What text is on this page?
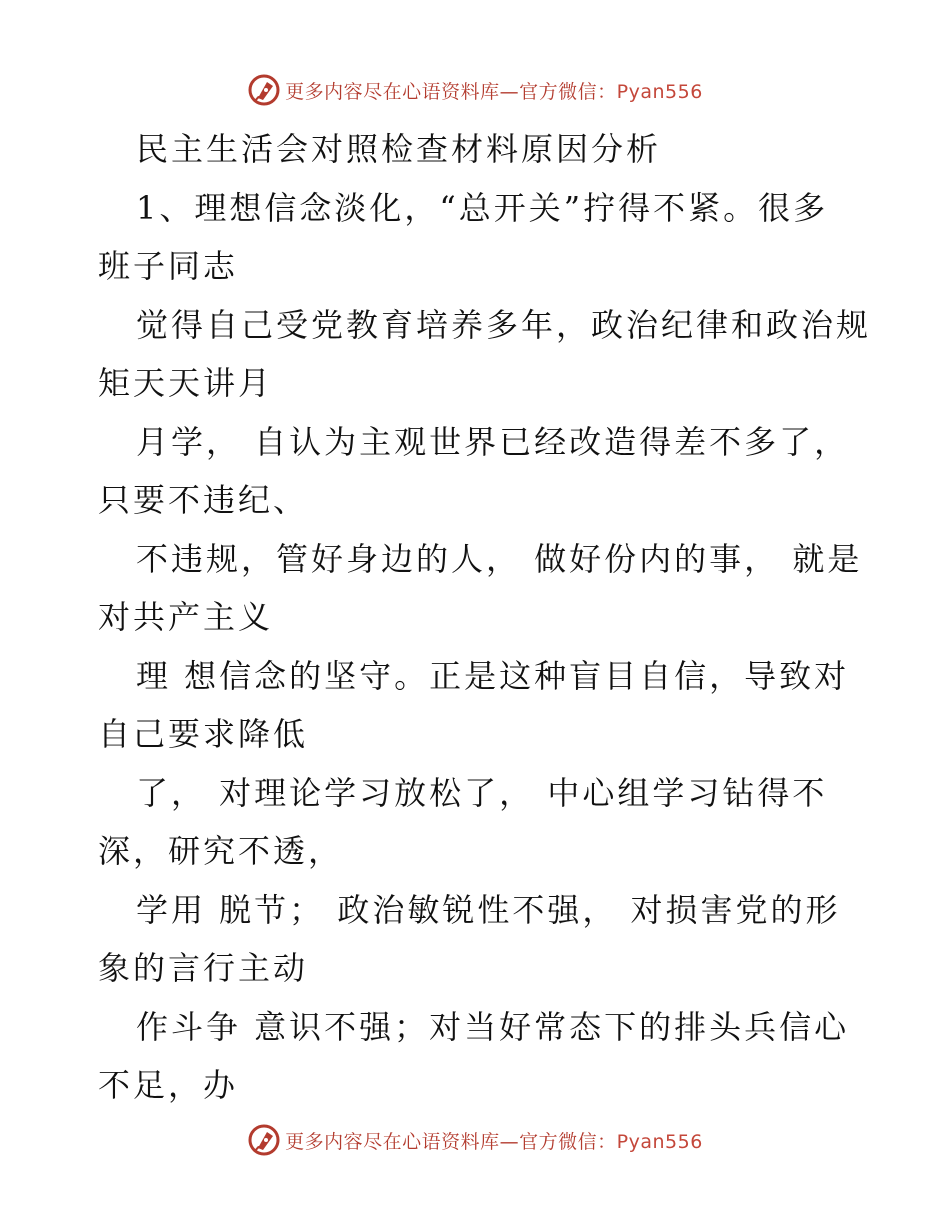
更多内容尽在心语资料库—官方微信：Pyan556
民主生活会对照检查材料原因分析
1、理想信念淡化，“总开关”拧得不紧。很多
班子同志
觉得自己受党教育培养多年，政治纪律和政治规
矩天天讲月
月学， 自认为主观世界已经改造得差不多了，
只要不违纪、
不违规，管好身边的人， 做好份内的事， 就是
对共产主义
理 想信念的坚守。正是这种盲目自信，导致对
自己要求降低
了， 对理论学习放松了， 中心组学习钻得不
深，研究不透，
学用 脱节； 政治敏锐性不强， 对损害党的形
象的言行主动
作斗争 意识不强；对当好常态下的排头兵信心
不足，办
更多内容尽在心语资料库—官方微信：Pyan556
